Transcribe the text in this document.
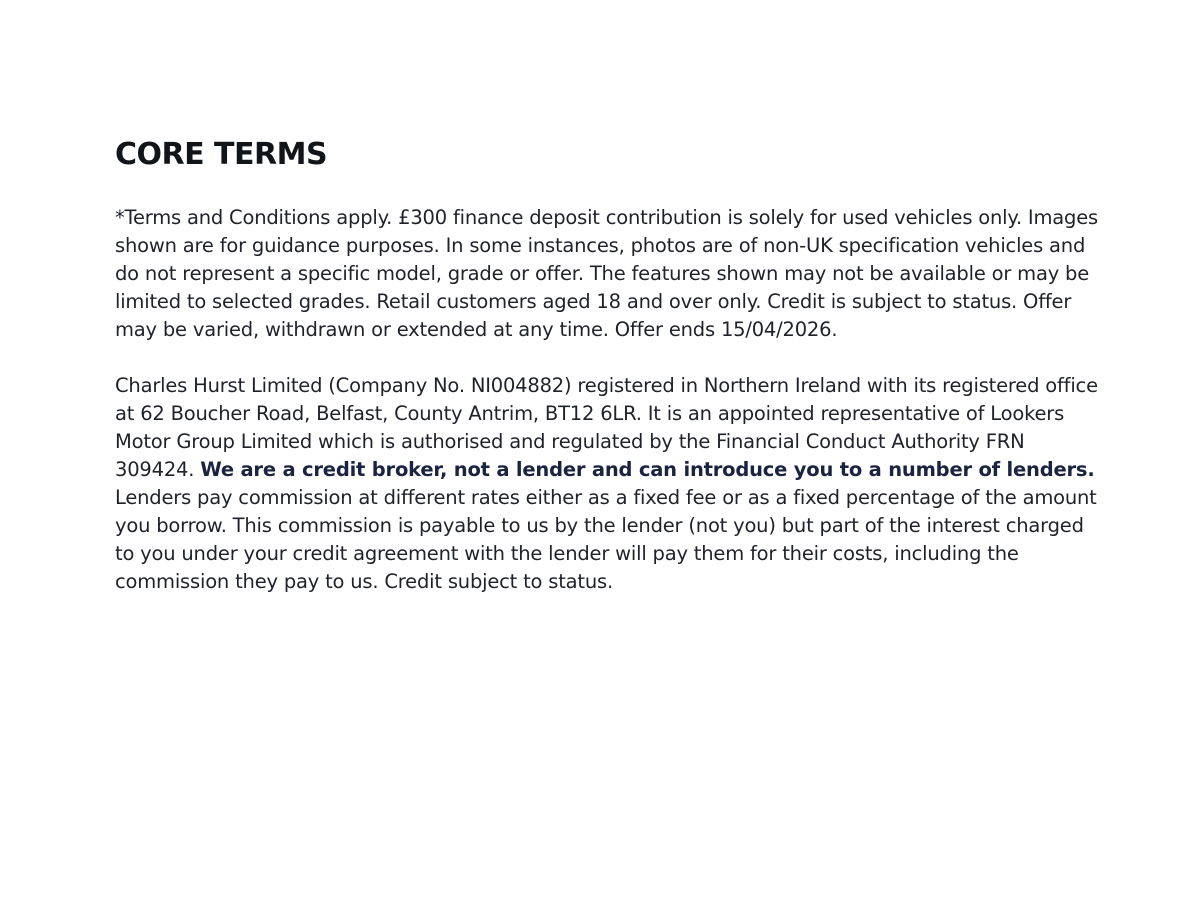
CORE TERMS

*Terms and Conditions apply. £300 finance deposit contribution is solely for used vehicles only. Images shown are for guidance purposes. In some instances, photos are of non-UK specification vehicles and do not represent a specific model, grade or offer. The features shown may not be available or may be limited to selected grades. Retail customers aged 18 and over only. Credit is subject to status. Offer may be varied, withdrawn or extended at any time. Offer ends 15/04/2026.

Charles Hurst Limited (Company No. NI004882) registered in Northern Ireland with its registered office at 62 Boucher Road, Belfast, County Antrim, BT12 6LR. It is an appointed representative of Lookers Motor Group Limited which is authorised and regulated by the Financial Conduct Authority FRN 309424. We are a credit broker, not a lender and can introduce you to a number of lenders. Lenders pay commission at different rates either as a fixed fee or as a fixed percentage of the amount you borrow. This commission is payable to us by the lender (not you) but part of the interest charged to you under your credit agreement with the lender will pay them for their costs, including the commission they pay to us. Credit subject to status.
